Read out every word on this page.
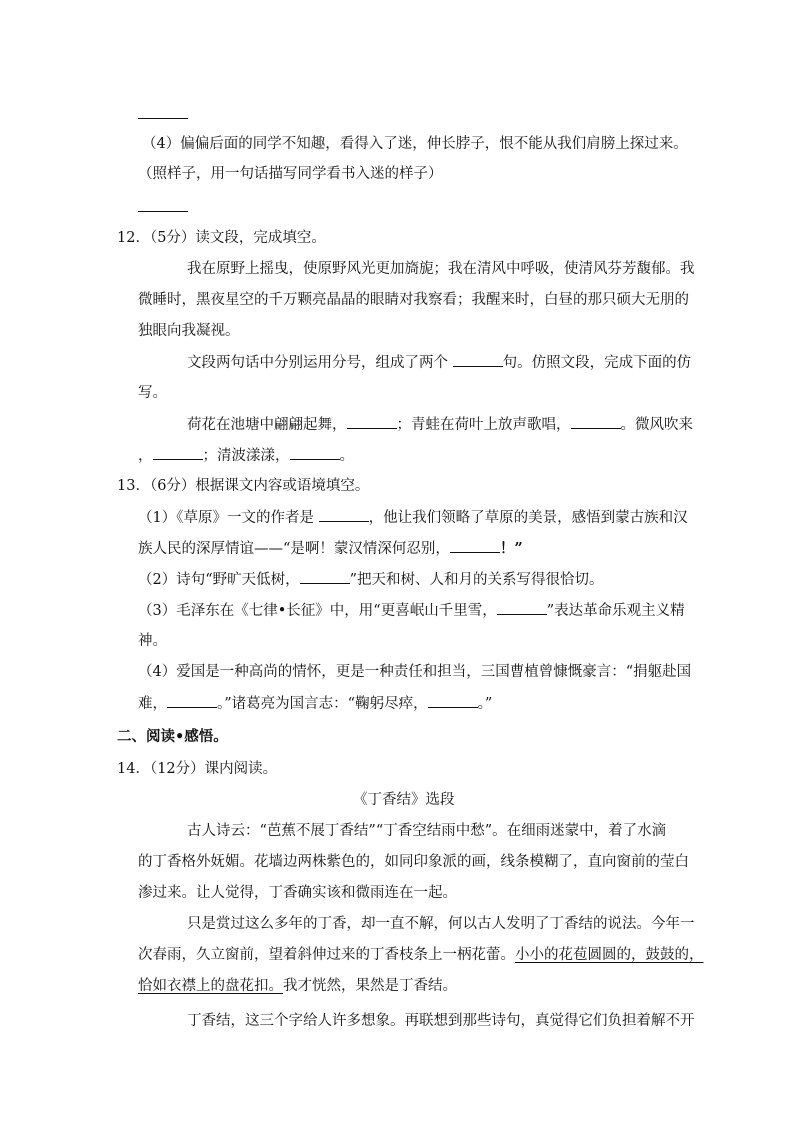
（4）偏偏后面的同学不知趣，看得入了迷，伸长脖子，恨不能从我们肩膀上探过来。
（照样子，用一句话描写同学看书入迷的样子）
12．（5分）读文段，完成填空。
我在原野上摇曳，使原野风光更加旖旎；我在清风中呼吸，使清风芬芳馥郁。我
微睡时，黑夜星空的千万颗亮晶晶的眼睛对我察看；我醒来时，白昼的那只硕大无朋的
独眼向我凝视。
文段两句话中分别运用分号，组成了两个	句。仿照文段，完成下面的仿
写。
荷花在池塘中翩翩起舞，	；青蛙在荷叶上放声歌唱，	。微风吹来
，	；清波漾漾，	。
13．（6分）根据课文内容或语境填空。
（1）《草原》一文的作者是	，他让我们领略了草原的美景，感悟到蒙古族和汉
族人民的深厚情谊——“是啊！蒙汉情深何忍别，	！”
（2）诗句“野旷天低树，	”把天和树、人和月的关系写得很恰切。
（3）毛泽东在《七律•长征》中，用“更喜岷山千里雪，	”表达革命乐观主义精
神。
（4）爱国是一种高尚的情怀，更是一种责任和担当，三国曹植曾慷慨豪言：“捐躯赴国
难，	。”诸葛亮为国言志：“鞠躬尽瘁，	。”
二、阅读•感悟。
14．（12分）课内阅读。
《丁香结》选段
古人诗云：“芭蕉不展丁香结”“丁香空结雨中愁”。在细雨迷蒙中，着了水滴
的丁香格外妩媚。花墙边两株紫色的，如同印象派的画，线条模糊了，直向窗前的莹白
渗过来。让人觉得，丁香确实该和微雨连在一起。
只是赏过这么多年的丁香，却一直不解，何以古人发明了丁香结的说法。今年一
次春雨，久立窗前，望着斜伸过来的丁香枝条上一柄花蕾。小小的花苞圆圆的，鼓鼓的，
恰如衣襟上的盘花扣。我才恍然，果然是丁香结。
丁香结，这三个字给人许多想象。再联想到那些诗句，真觉得它们负担着解不开
